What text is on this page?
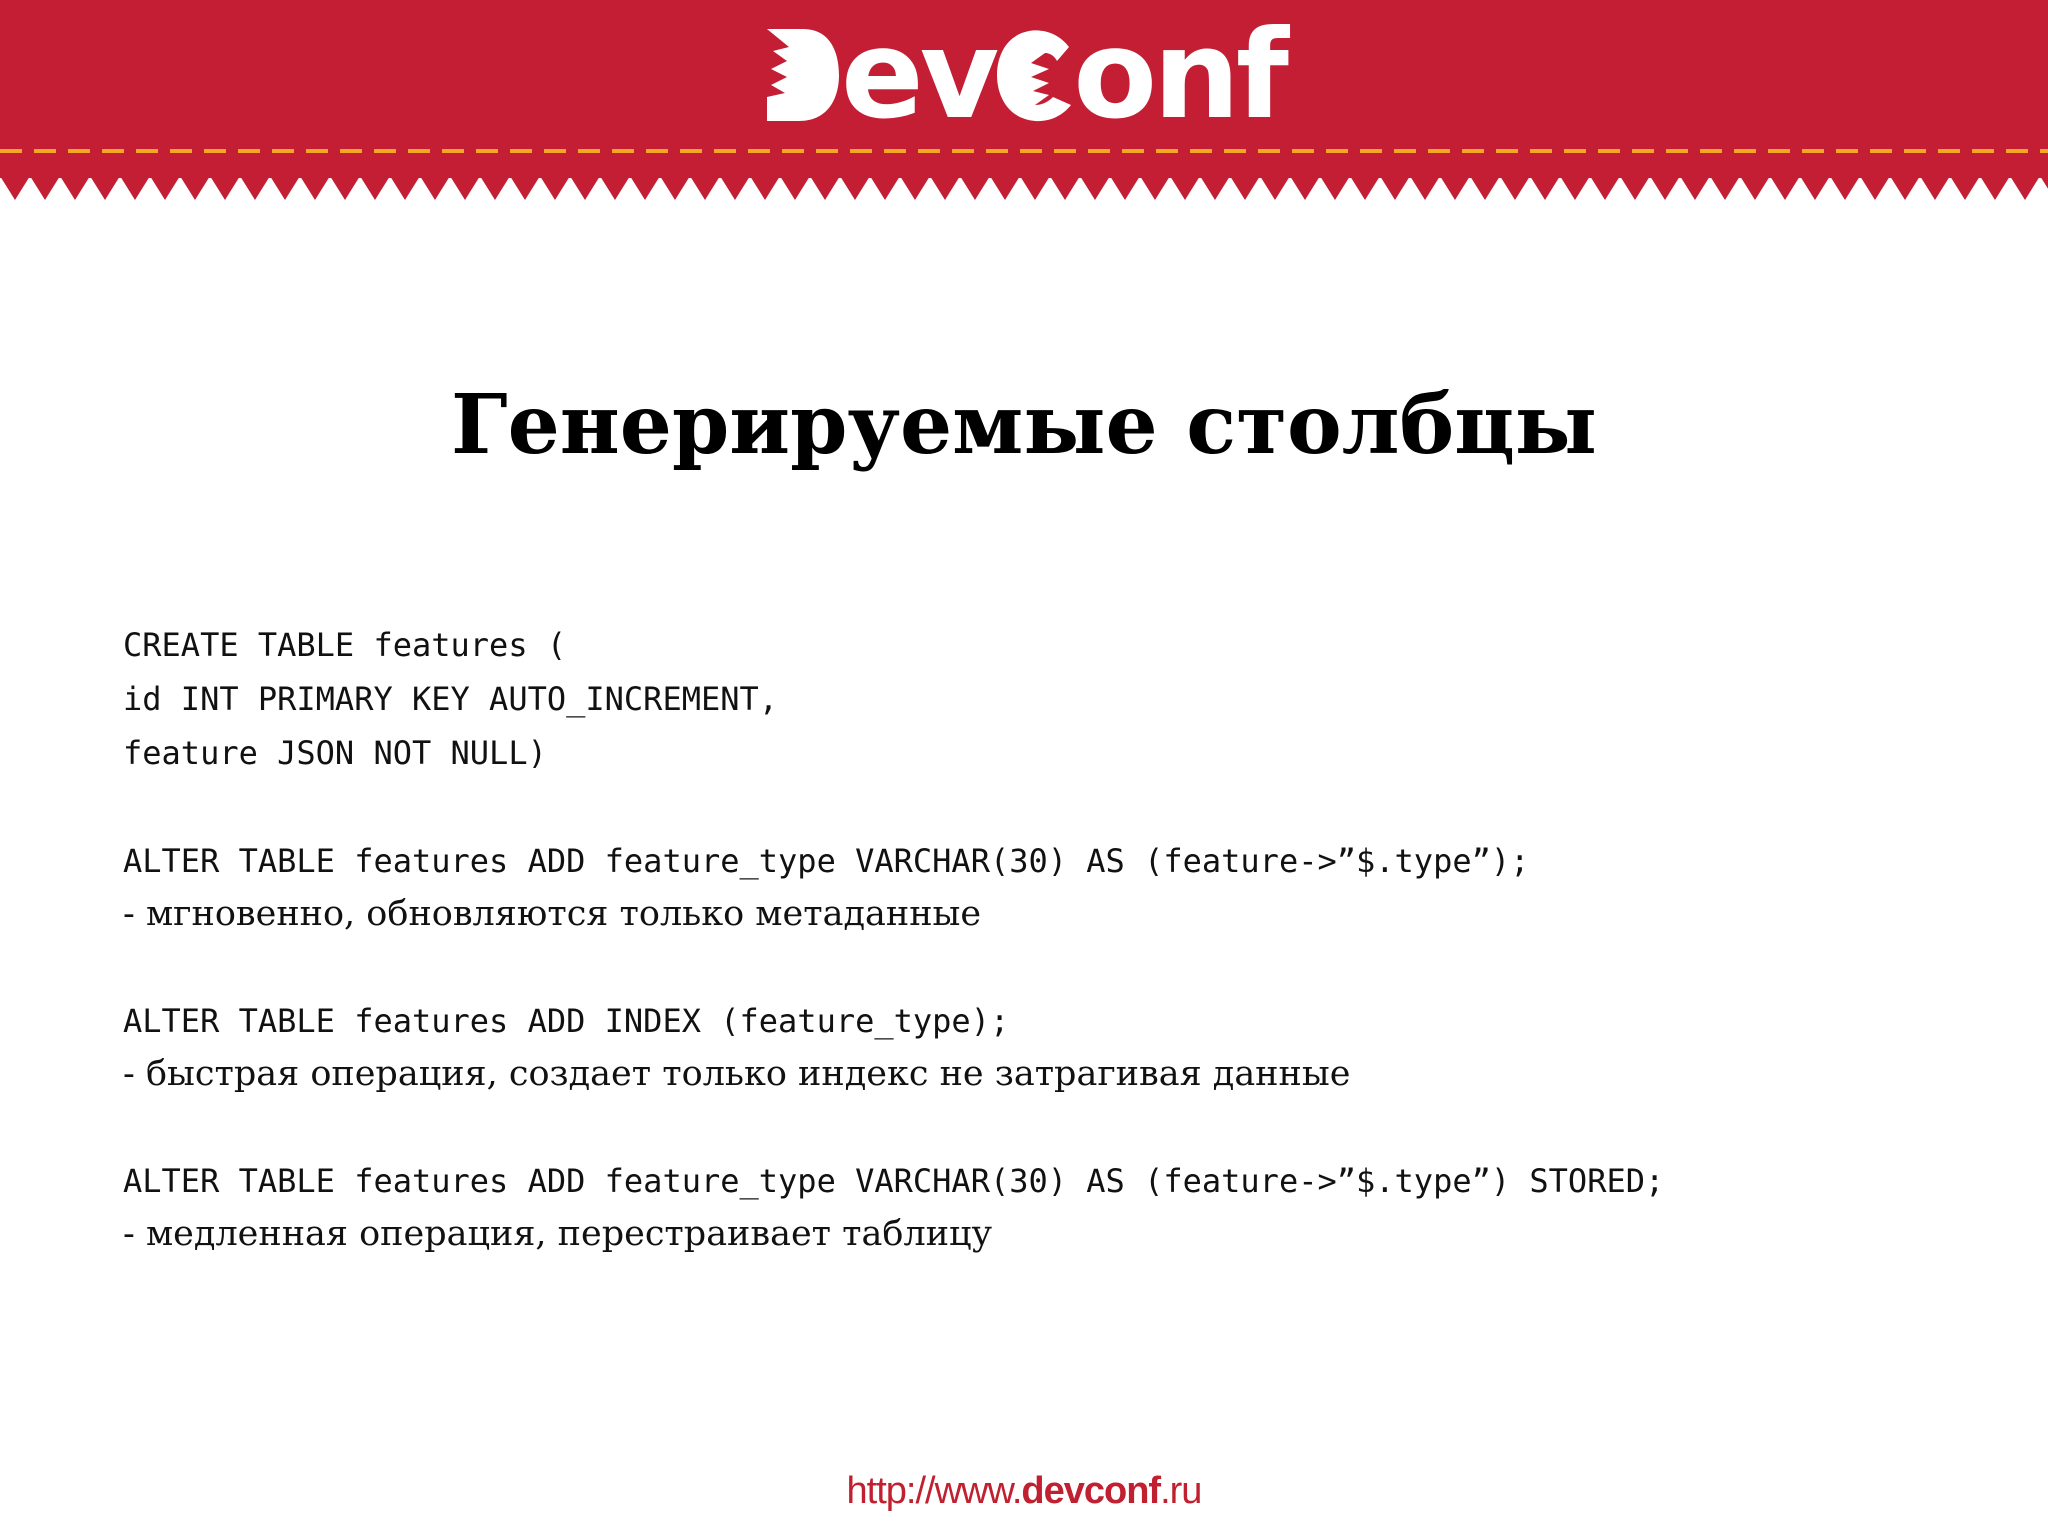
ev onf
Генерируемые столбцы

CREATE TABLE features (

id INT PRIMARY KEY AUTO_INCREMENT,

feature JSON NOT NULL)

ALTER TABLE features ADD feature_type VARCHAR(30) AS (feature->”$.type”);

- мгновенно, обновляются только метаданные

ALTER TABLE features ADD INDEX (feature_type);

- быстрая операция, создает только индекс не затрагивая данные

ALTER TABLE features ADD feature_type VARCHAR(30) AS (feature->”$.type”) STORED;

- медленная операция, перестраивает таблицу

http://www.devconf.ru
